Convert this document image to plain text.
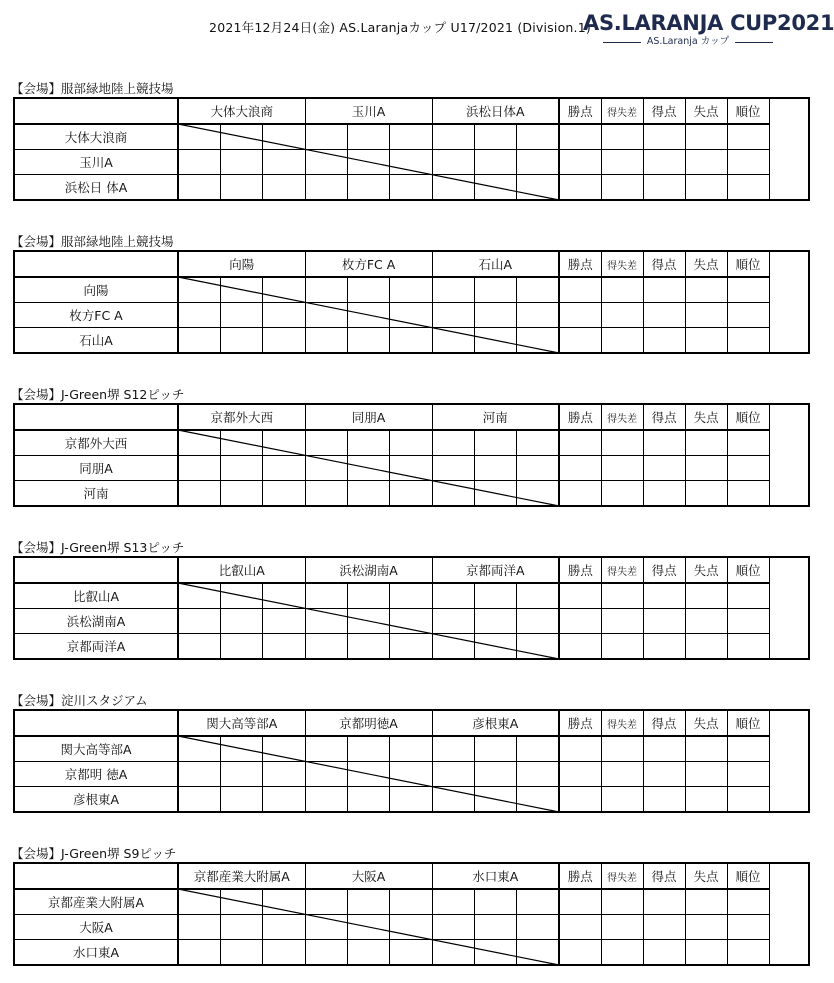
2021年12月24日(金) AS.Laranjaカップ U17/2021 (Division.1)
AS.LARANJA CUP2021
AS.Laranja カップ
【会場】服部緑地陸上競技場
	大体大浪商			玉川A			浜松日体A			勝点	得失差	得点	失点	順位
大体大浪商														
玉川A														
浜松日 体A														
【会場】服部緑地陸上競技場
	向陽			枚方FC A			石山A			勝点	得失差	得点	失点	順位
向陽														
枚方FC A														
石山A														
【会場】J-Green堺 S12ピッチ
	京都外大西			同朋A			河南			勝点	得失差	得点	失点	順位
京都外大西														
同朋A														
河南														
【会場】J-Green堺 S13ピッチ
	比叡山A			浜松湖南A			京都両洋A			勝点	得失差	得点	失点	順位
比叡山A														
浜松湖南A														
京都両洋A														
【会場】淀川スタジアム
	関大高等部A			京都明徳A			彦根東A			勝点	得失差	得点	失点	順位
関大高等部A														
京都明 徳A														
彦根東A														
【会場】J-Green堺 S9ピッチ
	京都産業大附属A			大阪A			水口東A			勝点	得失差	得点	失点	順位
京都産業大附属A														
大阪A														
水口東A														
